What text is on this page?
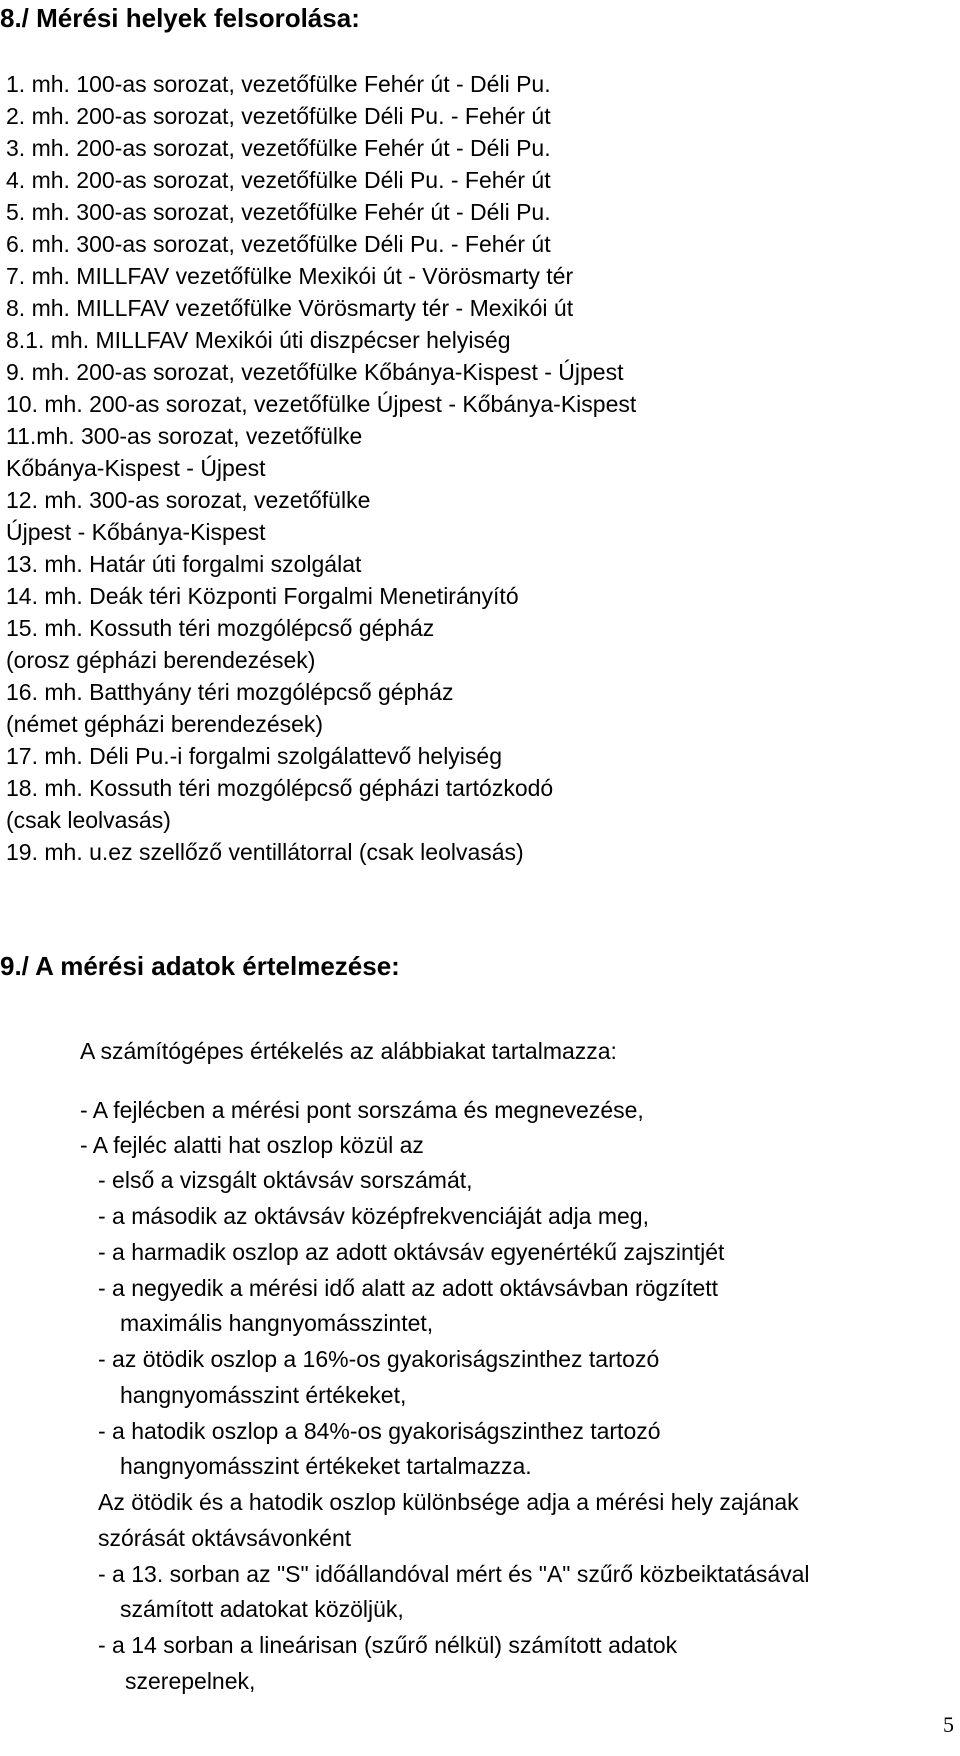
8./ Mérési helyek felsorolása:
1. mh. 100-as sorozat, vezetőfülke Fehér út - Déli Pu.
2. mh. 200-as sorozat, vezetőfülke Déli Pu. - Fehér út
3. mh. 200-as sorozat, vezetőfülke Fehér út - Déli Pu.
4. mh. 200-as sorozat, vezetőfülke Déli Pu. - Fehér út
5. mh. 300-as sorozat, vezetőfülke Fehér út - Déli Pu.
6. mh. 300-as sorozat, vezetőfülke Déli Pu. - Fehér út
7. mh. MILLFAV vezetőfülke Mexikói út - Vörösmarty tér
8. mh. MILLFAV vezetőfülke Vörösmarty tér - Mexikói út
8.1. mh. MILLFAV Mexikói úti diszpécser helyiség
9. mh. 200-as sorozat, vezetőfülke Kőbánya-Kispest - Újpest
10. mh. 200-as sorozat, vezetőfülke Újpest - Kőbánya-Kispest
11.mh. 300-as sorozat, vezetőfülke
Kőbánya-Kispest - Újpest
12. mh. 300-as sorozat, vezetőfülke
Újpest - Kőbánya-Kispest
13. mh. Határ úti forgalmi szolgálat
14. mh. Deák téri Központi Forgalmi Menetirányító
15. mh. Kossuth téri mozgólépcső gépház
(orosz gépházi berendezések)
16. mh. Batthyány téri mozgólépcső gépház
(német gépházi berendezések)
17. mh. Déli Pu.-i forgalmi szolgálattevő helyiség
18. mh. Kossuth téri mozgólépcső gépházi tartózkodó
(csak leolvasás)
19. mh. u.ez szellőző ventillátorral (csak leolvasás)
9./ A mérési adatok értelmezése:
A számítógépes értékelés az alábbiakat tartalmazza:
- A fejlécben a mérési pont sorszáma és megnevezése,
- A fejléc alatti hat oszlop közül az
- első a vizsgált oktávsáv sorszámát,
- a második az oktávsáv középfrekvenciáját adja meg,
- a harmadik oszlop az adott oktávsáv egyenértékű zajszintjét
- a negyedik a mérési idő alatt az adott oktávsávban rögzített
maximális hangnyomásszintet,
- az ötödik oszlop a 16%-os gyakoriságszinthez tartozó
hangnyomásszint értékeket,
- a hatodik oszlop a 84%-os gyakoriságszinthez tartozó
hangnyomásszint értékeket tartalmazza.
Az ötödik és a hatodik oszlop különbsége adja a mérési hely zajának
szórását oktávsávonként
- a 13. sorban az "S" időállandóval mért és "A" szűrő közbeiktatásával
számított adatokat közöljük,
- a 14 sorban a lineárisan (szűrő nélkül) számított adatok
szerepelnek,
5
